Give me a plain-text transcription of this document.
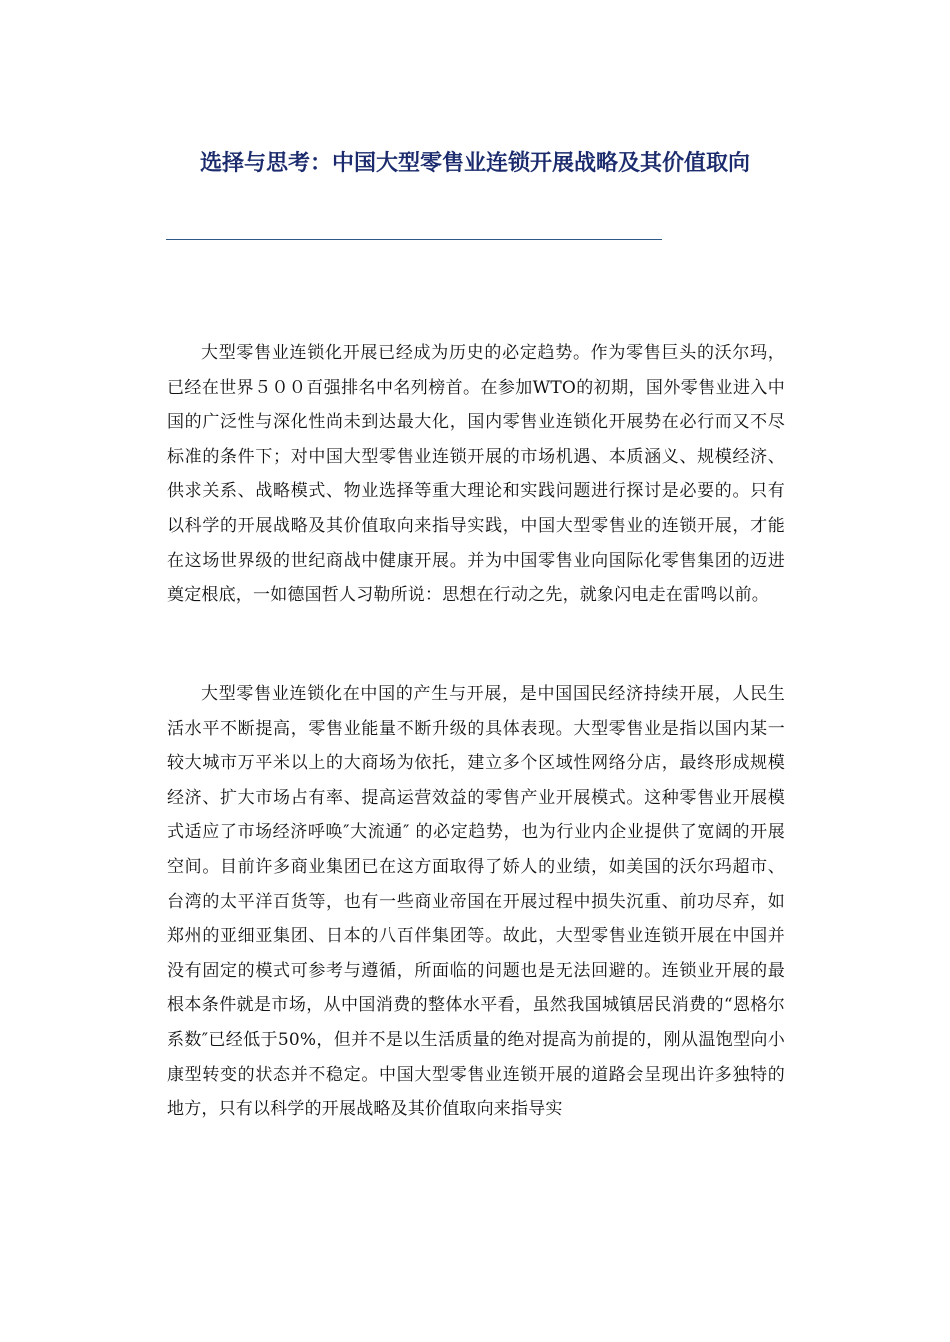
选择与思考：中国大型零售业连锁开展战略及其价值取向

大型零售业连锁化开展已经成为历史的必定趋势。作为零售巨头的沃尔玛，已经在世界５００百强排名中名列榜首。在参加WTO的初期，国外零售业进入中国的广泛性与深化性尚未到达最大化，国内零售业连锁化开展势在必行而又不尽标准的条件下；对中国大型零售业连锁开展的市场机遇、本质涵义、规模经济、供求关系、战略模式、物业选择等重大理论和实践问题进行探讨是必要的。只有以科学的开展战略及其价值取向来指导实践，中国大型零售业的连锁开展，才能在这场世界级的世纪商战中健康开展。并为中国零售业向国际化零售集团的迈进奠定根底，一如德国哲人习勒所说：思想在行动之先，就象闪电走在雷鸣以前。

大型零售业连锁化在中国的产生与开展，是中国国民经济持续开展，人民生活水平不断提高，零售业能量不断升级的具体表现。大型零售业是指以国内某一较大城市万平米以上的大商场为依托，建立多个区域性网络分店，最终形成规模经济、扩大市场占有率、提高运营效益的零售产业开展模式。这种零售业开展模式适应了市场经济呼唤″大流通″ 的必定趋势，也为行业内企业提供了宽阔的开展空间。目前许多商业集团已在这方面取得了娇人的业绩，如美国的沃尔玛超市、台湾的太平洋百货等，也有一些商业帝国在开展过程中损失沉重、前功尽弃，如郑州的亚细亚集团、日本的八百伴集团等。故此，大型零售业连锁开展在中国并没有固定的模式可参考与遵循，所面临的问题也是无法回避的。连锁业开展的最根本条件就是市场，从中国消费的整体水平看，虽然我国城镇居民消费的“恩格尔系数″已经低于50%，但并不是以生活质量的绝对提高为前提的，刚从温饱型向小康型转变的状态并不稳定。中国大型零售业连锁开展的道路会呈现出许多独特的地方，只有以科学的开展战略及其价值取向来指导实
